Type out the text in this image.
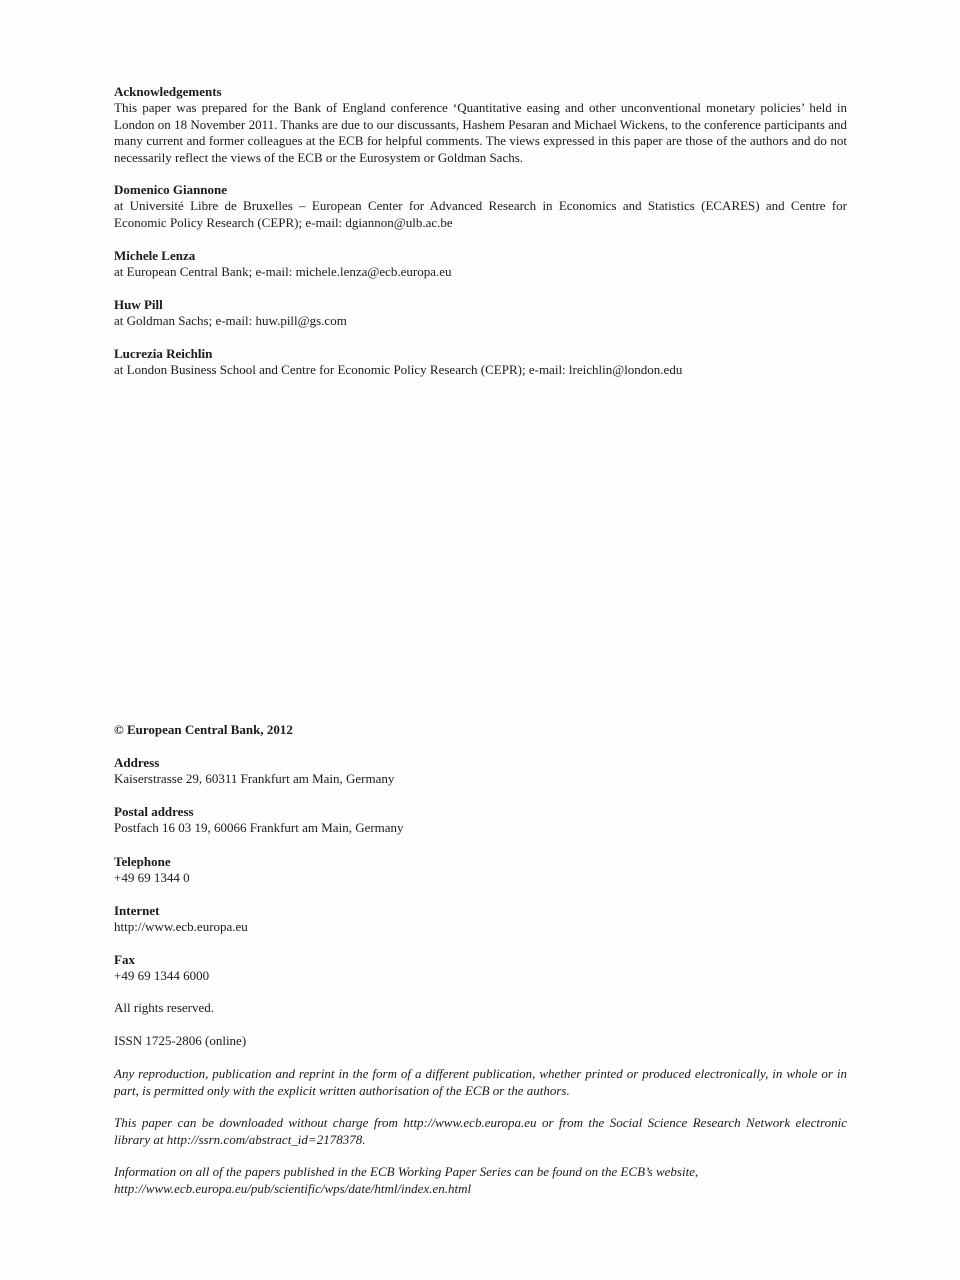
Acknowledgements

This paper was prepared for the Bank of England conference ‘Quantitative easing and other unconventional monetary policies’ held in London on 18 November 2011. Thanks are due to our discussants, Hashem Pesaran and Michael Wickens, to the conference participants and many current and former colleagues at the ECB for helpful comments. The views expressed in this paper are those of the authors and do not necessarily reflect the views of the ECB or the Eurosystem or Goldman Sachs.

Domenico Giannone

at Université Libre de Bruxelles – European Center for Advanced Research in Economics and Statistics (ECARES) and Centre for Economic Policy Research (CEPR); e-mail: dgiannon@ulb.ac.be

Michele Lenza

at European Central Bank; e-mail: michele.lenza@ecb.europa.eu

Huw Pill

at Goldman Sachs; e-mail: huw.pill@gs.com

Lucrezia Reichlin

at London Business School and Centre for Economic Policy Research (CEPR); e-mail: lreichlin@london.edu

© European Central Bank, 2012
Address

Kaiserstrasse 29, 60311 Frankfurt am Main, Germany

Postal address

Postfach 16 03 19, 60066 Frankfurt am Main, Germany

Telephone

+49 69 1344 0

Internet

http://www.ecb.europa.eu

Fax

+49 69 1344 6000

All rights reserved.

ISSN 1725-2806 (online)

Any reproduction, publication and reprint in the form of a different publication, whether printed or produced electronically, in whole or in part, is permitted only with the explicit written authorisation of the ECB or the authors.

This paper can be downloaded without charge from http://www.ecb.europa.eu or from the Social Science Research Network electronic library at http://ssrn.com/abstract_id=2178378.

Information on all of the papers published in the ECB Working Paper Series can be found on the ECB’s website,

http://www.ecb.europa.eu/pub/scientific/wps/date/html/index.en.html
